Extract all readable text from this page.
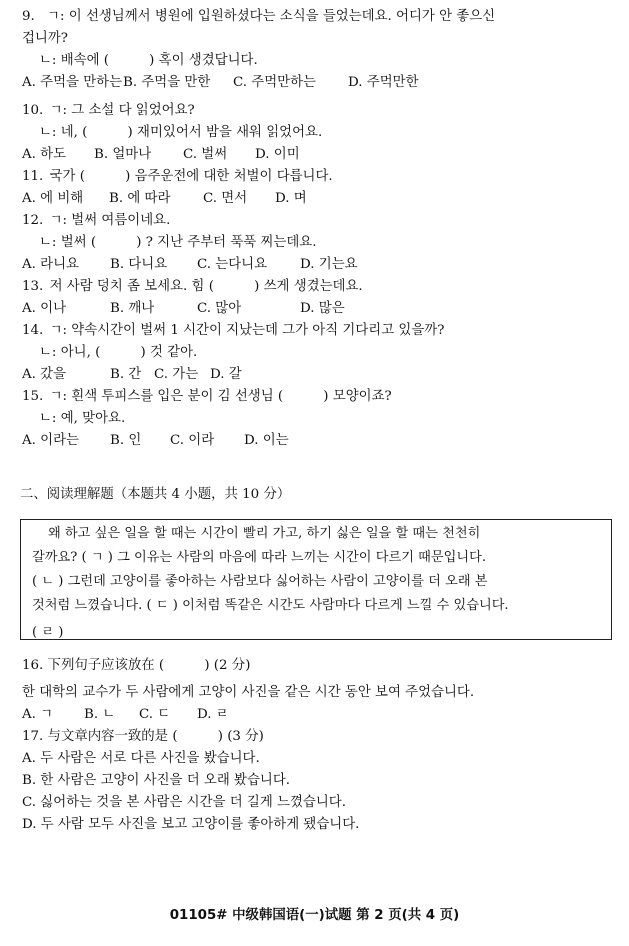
9. ㄱ: 이 선생님께서 병원에 입원하셨다는 소식을 들었는데요. 어디가 안 좋으신
겁니까?
ㄴ: 배속에 (　　　) 혹이 생겼답니다.
A. 주먹을 만하는B. 주먹을 만한 C. 주먹만하는 D. 주먹만한
10. ㄱ: 그 소설 다 읽었어요?
ㄴ: 네, (　　　) 재미있어서 밤을 새워 읽었어요.
A. 하도 B. 얼마나 C. 벌써 D. 이미
11. 국가 (　　　) 음주운전에 대한 처벌이 다릅니다.
A. 에 비해 B. 에 따라 C. 면서 D. 며
12. ㄱ: 벌써 여름이네요.
ㄴ: 벌써 (　　　) ? 지난 주부터 푹푹 찌는데요.
A. 라니요 B. 다니요 C. 는다니요 D. 기는요
13. 저 사람 덩치 좀 보세요. 힘 (　　　) 쓰게 생겼는데요.
A. 이나	B. 깨나	C. 많아	D. 많은
14. ㄱ: 약속시간이 벌써 1 시간이 지났는데 그가 아직 기다리고 있을까?
ㄴ: 아니, (　　　) 것 같아.
A. 갔을	B. 간 C. 가는 D. 갈
15. ㄱ: 흰색 투피스를 입은 분이 김 선생님 (　　　) 모양이죠?
ㄴ: 예, 맞아요.
A. 이라는 B. 인 C. 이라 D. 이는
二、阅读理解题（本题共 4 小题，共 10 分）
왜 하고 싶은 일을 할 때는 시간이 빨리 가고, 하기 싫은 일을 할 때는 천천히
갈까요? ( ㄱ ) 그 이유는 사람의 마음에 따라 느끼는 시간이 다르기 때문입니다.
( ㄴ ) 그런데 고양이를 좋아하는 사람보다 싫어하는 사람이 고양이를 더 오래 본
것처럼 느꼈습니다. ( ㄷ ) 이처럼 똑같은 시간도 사람마다 다르게 느낄 수 있습니다.
( ㄹ )
16. 下列句子应该放在 (　　　) (2 分)
한 대학의 교수가 두 사람에게 고양이 사진을 같은 시간 동안 보여 주었습니다.
A. ㄱ B. ㄴ C. ㄷ D. ㄹ
17. 与文章内容一致的是 (　　　) (3 分)
A. 두 사람은 서로 다른 사진을 봤습니다.
B. 한 사람은 고양이 사진을 더 오래 봤습니다.
C. 싫어하는 것을 본 사람은 시간을 더 길게 느꼈습니다.
D. 두 사람 모두 사진을 보고 고양이를 좋아하게 됐습니다.
01105# 中级韩国语(一)试题 第 2 页(共 4 页)
